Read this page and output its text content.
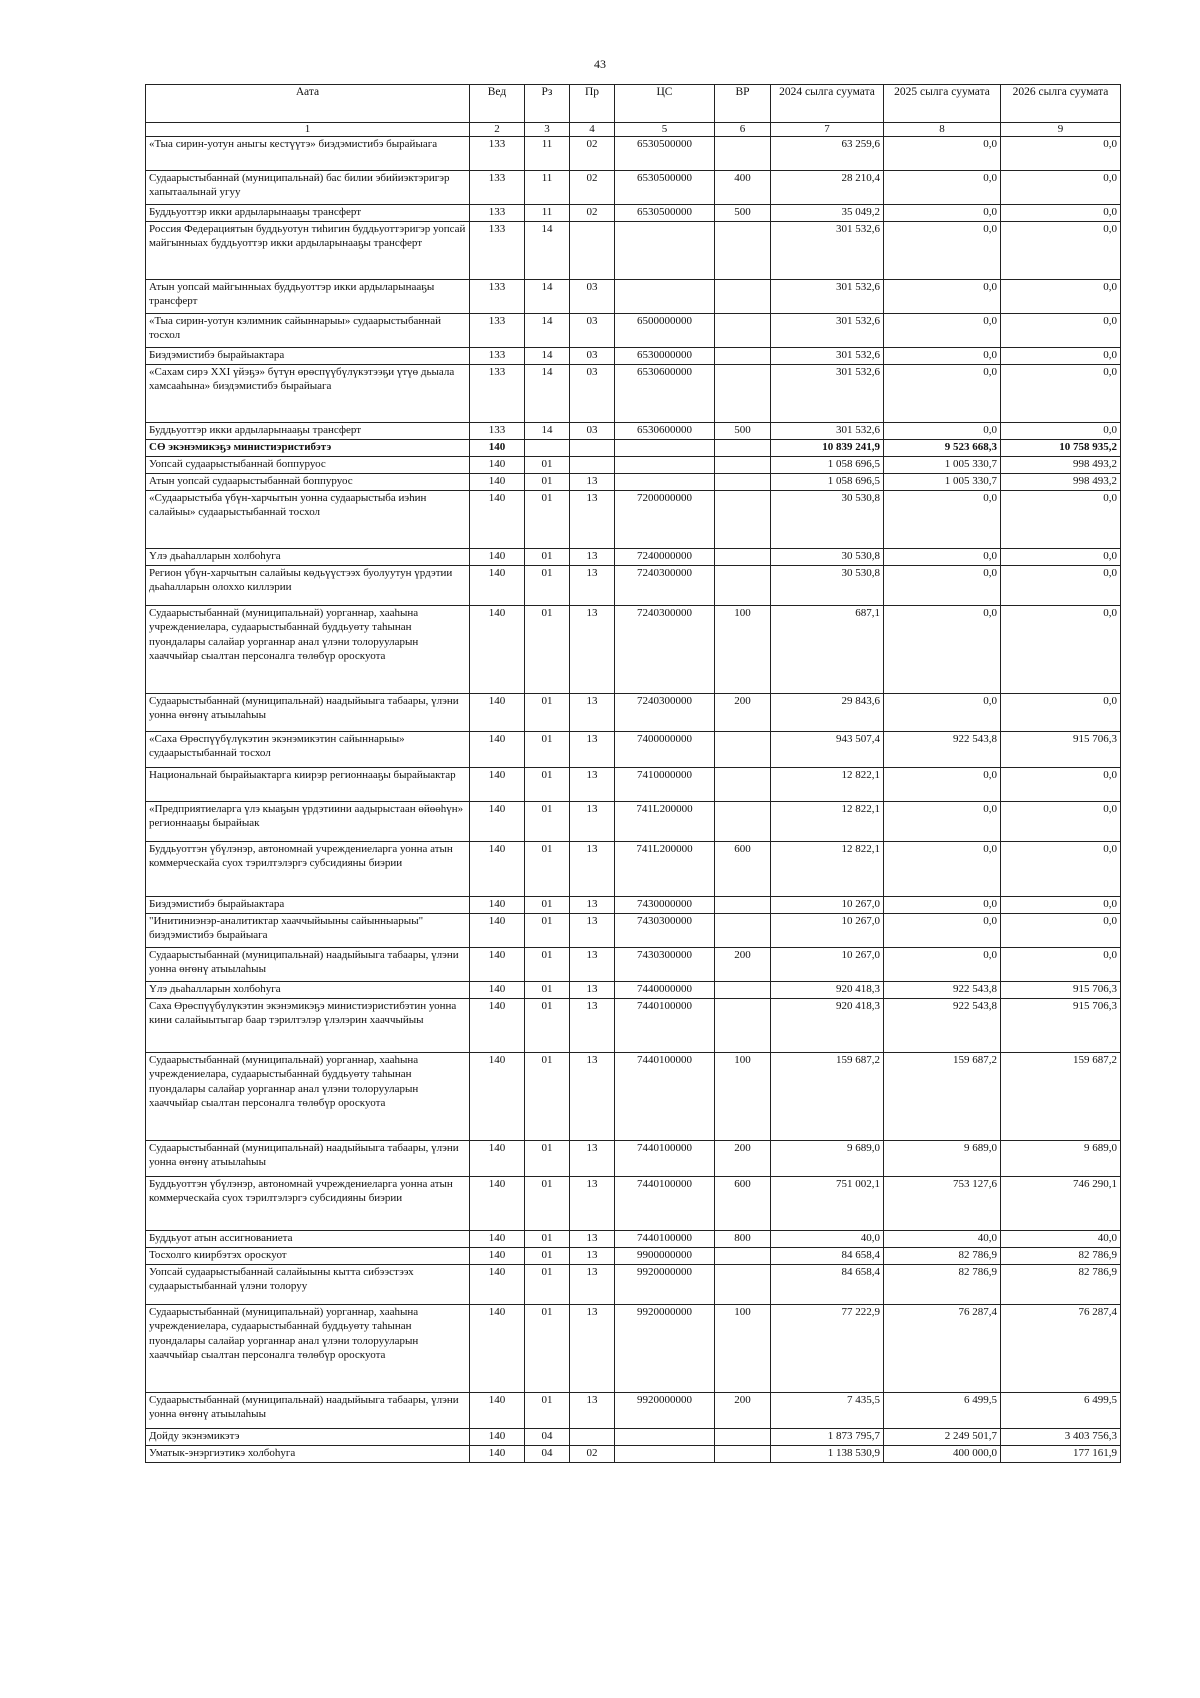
43
Аата	Вед	Рз	Пр	ЦС	ВР	2024 сылга суумата	2025 сылга суумата	2026 сылга суумата
1	2	3	4	5	6	7	8	9
«Тыа сирин-уотун аныгы кестүүтэ» биэдэмистибэ бырайыага	133	11	02	6530500000		63 259,6	0,0	0,0
Судаарыстыбаннай (муниципальнай) бас билии эбийиэктэригэр хапытаалынай угуу	133	11	02	6530500000	400	28 210,4	0,0	0,0
Буддьуоттэр икки ардыларынааҕы трансферт	133	11	02	6530500000	500	35 049,2	0,0	0,0
Россия Федерациятын буддьуотун тиһигин буддьуоттэригэр уопсай майгынныах буддьуоттэр икки ардыларынааҕы трансферт	133	14				301 532,6	0,0	0,0
Атын уопсай майгынныах буддьуоттэр икки ардыларынааҕы трансферт	133	14	03			301 532,6	0,0	0,0
«Тыа сирин-уотун кэлимник сайыннарыы» судаарыстыбаннай тосхол	133	14	03	6500000000		301 532,6	0,0	0,0
Биэдэмистибэ бырайыактара	133	14	03	6530000000		301 532,6	0,0	0,0
«Сахам сирэ XXI үйэҕэ» бүтүн өрөспүүбүлүкэтээҕи үтүө дьыала хамсааһына» биэдэмистибэ бырайыага	133	14	03	6530600000		301 532,6	0,0	0,0
Буддьуоттэр икки ардыларынааҕы трансферт	133	14	03	6530600000	500	301 532,6	0,0	0,0
СӨ экэнэмикэҕэ министиэристибэтэ	140					10 839 241,9	9 523 668,3	10 758 935,2
Уопсай судаарыстыбаннай боппуруос	140	01				1 058 696,5	1 005 330,7	998 493,2
Атын уопсай судаарыстыбаннай боппуруос	140	01	13			1 058 696,5	1 005 330,7	998 493,2
«Судаарыстыба үбүн-харчытын уонна судаарыстыба иэһин салайыы» судаарыстыбаннай тосхол	140	01	13	7200000000		30 530,8	0,0	0,0
Үлэ дьаһалларын холбоһуга	140	01	13	7240000000		30 530,8	0,0	0,0
Регион үбүн-харчытын салайыы көдьүүстээх буолуутун үрдэтии дьаһалларын олоххо киллэрии	140	01	13	7240300000		30 530,8	0,0	0,0
Судаарыстыбаннай (муниципальнай) уорганнар, хааһына учреждениелара, судаарыстыбаннай буддьуөту таһынан пуондалары салайар уорганнар анал үлэни толорууларын хааччыйар сыалтан персоналга төлөбүр ороскуота	140	01	13	7240300000	100	687,1	0,0	0,0
Судаарыстыбаннай (муниципальнай) наадыйыыга табаары, үлэни уонна өҥөнү атыылаһыы	140	01	13	7240300000	200	29 843,6	0,0	0,0
«Саха Өрөспүүбүлүкэтин экэнэмикэтин сайыннарыы» судаарыстыбаннай тосхол	140	01	13	7400000000		943 507,4	922 543,8	915 706,3
Национальнай бырайыактарга киирэр регионнааҕы бырайыактар	140	01	13	7410000000		12 822,1	0,0	0,0
«Предприятиеларга үлэ кыаҕын үрдэтиини аадырыстаан өйөөһүн» регионнааҕы бырайыак	140	01	13	741L200000		12 822,1	0,0	0,0
Буддьуоттэн үбүлэнэр, автономнай учреждениеларга уонна атын коммерческайа суох тэрилтэлэргэ субсидияны биэрии	140	01	13	741L200000	600	12 822,1	0,0	0,0
Биэдэмистибэ бырайыактара	140	01	13	7430000000		10 267,0	0,0	0,0
"Инитиниэнэр-аналитиктар хааччыйыыны сайынныарыы" биэдэмистибэ бырайыага	140	01	13	7430300000		10 267,0	0,0	0,0
Судаарыстыбаннай (муниципальнай) наадыйыыга табаары, үлэни уонна өҥөнү атыылаһыы	140	01	13	7430300000	200	10 267,0	0,0	0,0
Үлэ дьаһалларын холбоһуга	140	01	13	7440000000		920 418,3	922 543,8	915 706,3
Саха Өрөспүүбүлүкэтин экэнэмикэҕэ министиэристибэтин уонна кини салайыытыгар баар тэрилтэлэр үлэлэрин хааччыйыы	140	01	13	7440100000		920 418,3	922 543,8	915 706,3
Судаарыстыбаннай (муниципальнай) уорганнар, хааһына учреждениелара, судаарыстыбаннай буддьуөту таһынан пуондалары салайар уорганнар анал үлэни толорууларын хааччыйар сыалтан персоналга төлөбүр ороскуота	140	01	13	7440100000	100	159 687,2	159 687,2	159 687,2
Судаарыстыбаннай (муниципальнай) наадыйыыга табаары, үлэни уонна өҥөнү атыылаһыы	140	01	13	7440100000	200	9 689,0	9 689,0	9 689,0
Буддьуоттэн үбүлэнэр, автономнай учреждениеларга уонна атын коммерческайа суох тэрилтэлэргэ субсидияны биэрии	140	01	13	7440100000	600	751 002,1	753 127,6	746 290,1
Буддьуот атын ассигнованиета	140	01	13	7440100000	800	40,0	40,0	40,0
Тосхолго киирбэтэх ороскуот	140	01	13	9900000000		84 658,4	82 786,9	82 786,9
Уопсай судаарыстыбаннай салайыыны кытта сибээстээх судаарыстыбаннай үлэни толоруу	140	01	13	9920000000		84 658,4	82 786,9	82 786,9
Судаарыстыбаннай (муниципальнай) уорганнар, хааһына учреждениелара, судаарыстыбаннай буддьуөту таһынан пуондалары салайар уорганнар анал үлэни толорууларын хааччыйар сыалтан персоналга төлөбүр ороскуота	140	01	13	9920000000	100	77 222,9	76 287,4	76 287,4
Судаарыстыбаннай (муниципальнай) наадыйыыга табаары, үлэни уонна өҥөнү атыылаһыы	140	01	13	9920000000	200	7 435,5	6 499,5	6 499,5
Дойду экэнэмикэтэ	140	04				1 873 795,7	2 249 501,7	3 403 756,3
Уматык-энэргиэтикэ холбоһуга	140	04	02			1 138 530,9	400 000,0	177 161,9
